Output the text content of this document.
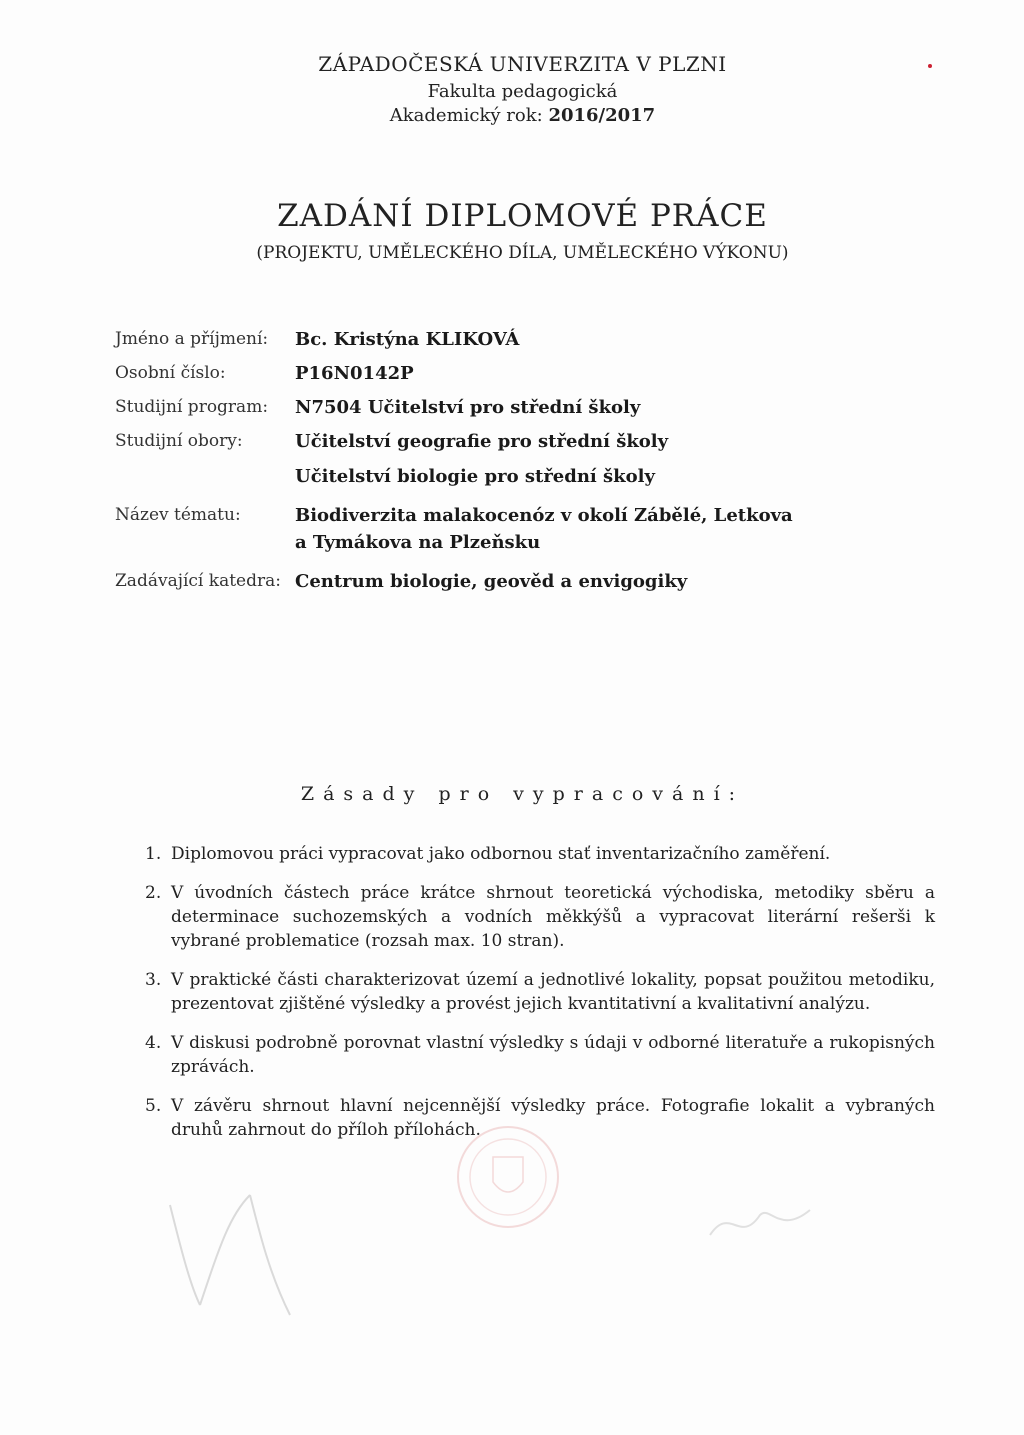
ZÁPADOČESKÁ UNIVERZITA V PLZNI
Fakulta pedagogická
Akademický rok: 2016/2017
ZADÁNÍ DIPLOMOVÉ PRÁCE
(PROJEKTU, UMĚLECKÉHO DÍLA, UMĚLECKÉHO VÝKONU)
Jméno a příjmení:	Bc. Kristýna KLIKOVÁ
Osobní číslo:	P16N0142P
Studijní program:	N7504 Učitelství pro střední školy
Studijní obory:	Učitelství geografie pro střední školy
Učitelství biologie pro střední školy
Název tématu:	Biodiverzita malakocenóz v okolí Zábělé, Letkova
a Tymákova na Plzeňsku
Zadávající katedra: Centrum biologie, geověd a envigogiky
Zásady pro vypracování:
1. Diplomovou práci vypracovat jako odbornou stať inventarizačního zaměření.
2. V úvodních částech práce krátce shrnout teoretická východiska, metodiky sběru a determinace suchozemských a vodních měkkýšů a vypracovat literární rešerši k vybrané problematice (rozsah max. 10 stran).
3. V praktické části charakterizovat území a jednotlivé lokality, popsat použitou metodiku, prezentovat zjištěné výsledky a provést jejich kvantitativní a kvalitativní analýzu.
4. V diskusi podrobně porovnat vlastní výsledky s údaji v odborné literatuře a rukopisných zprávách.
5. V závěru shrnout hlavní nejcennější výsledky práce. Fotografie lokalit a vybraných druhů zahrnout do příloh přílohách.
